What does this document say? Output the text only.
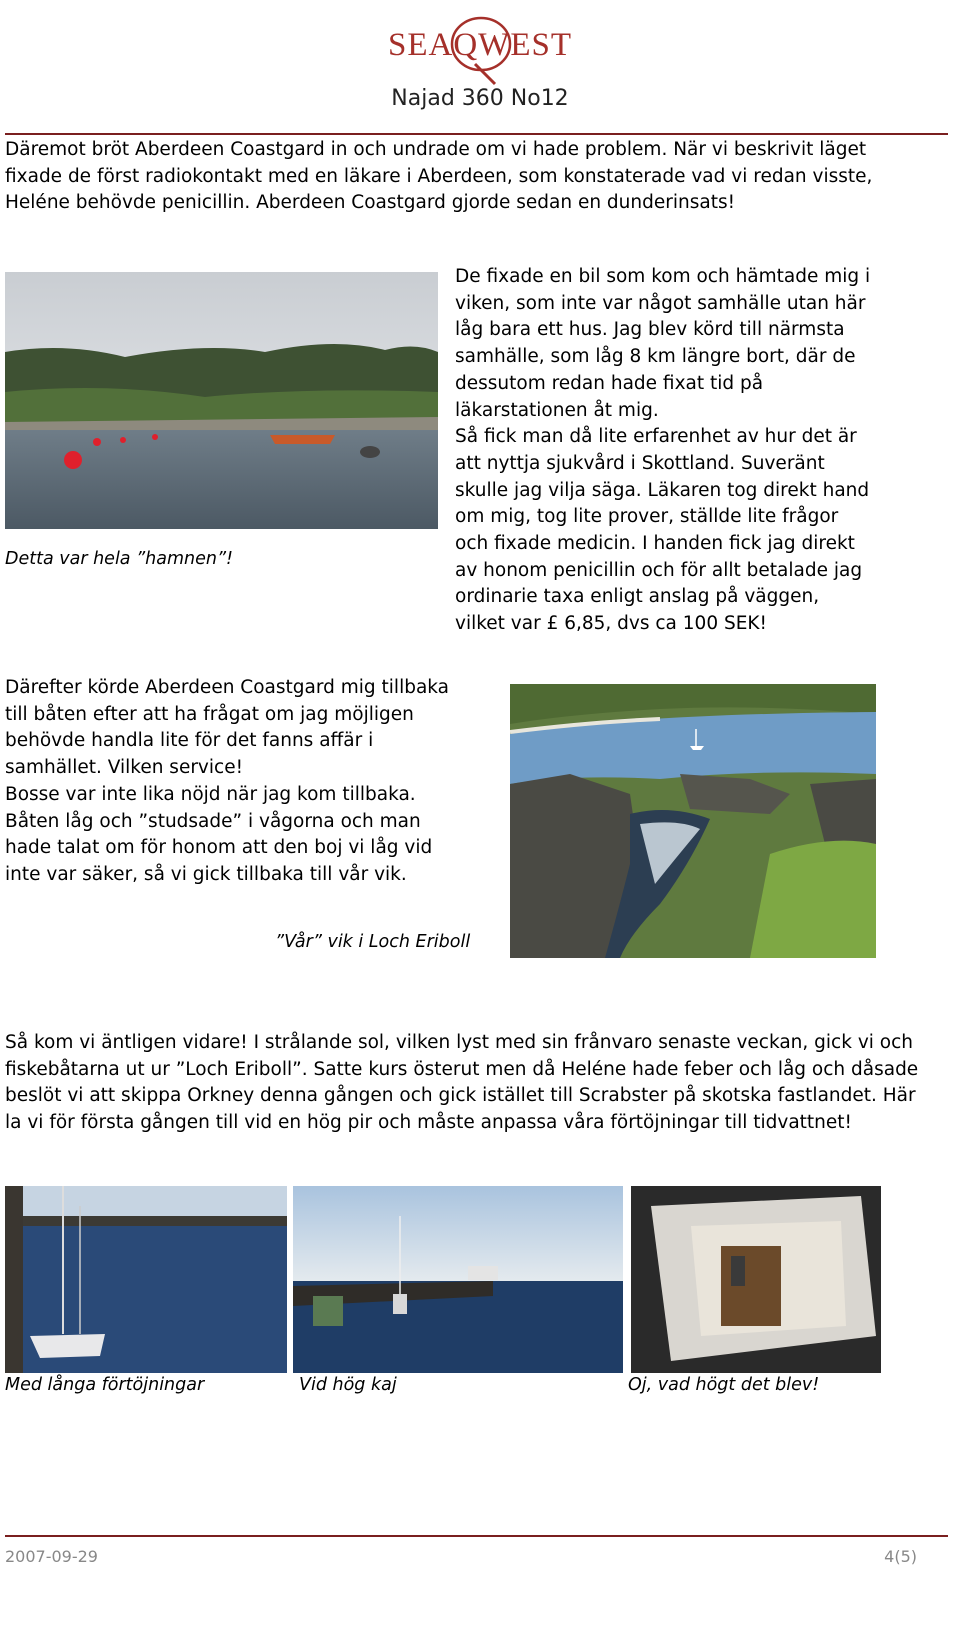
SEAQWEST
Najad 360 No12
Däremot bröt Aberdeen Coastgard in och undrade om vi hade problem. När vi beskrivit läget fixade de först radiokontakt med en läkare i Aberdeen, som konstaterade vad vi redan visste, Heléne behövde penicillin. Aberdeen Coastgard gjorde sedan en dunderinsats!
Detta var hela ”hamnen”!
De fixade en bil som kom och hämtade mig i
viken, som inte var något samhälle utan här
låg bara ett hus. Jag blev körd till närmsta
samhälle, som låg 8 km längre bort, där de
dessutom redan hade fixat tid på
läkarstationen åt mig.
Så fick man då lite erfarenhet av hur det är
att nyttja sjukvård i Skottland. Suveränt
skulle jag vilja säga. Läkaren tog direkt hand
om mig, tog lite prover, ställde lite frågor
och fixade medicin. I handen fick jag direkt
av honom penicillin och för allt betalade jag
ordinarie taxa enligt anslag på väggen,
vilket var £ 6,85, dvs ca 100 SEK!
Därefter körde Aberdeen Coastgard mig tillbaka
till båten efter att ha frågat om jag möjligen
behövde handla lite för det fanns affär i
samhället. Vilken service!
Bosse var inte lika nöjd när jag kom tillbaka.
Båten låg och ”studsade” i vågorna och man
hade talat om för honom att den boj vi låg vid
inte var säker, så vi gick tillbaka till vår vik.
”Vår” vik i Loch Eriboll
Så kom vi äntligen vidare! I strålande sol, vilken lyst med sin frånvaro senaste veckan, gick vi och fiskebåtarna ut ur ”Loch Eriboll”. Satte kurs österut men då Heléne hade feber och låg och dåsade beslöt vi att skippa Orkney denna gången och gick istället till Scrabster på skotska fastlandet. Här la vi för första gången till vid en hög pir och måste anpassa våra förtöjningar till tidvattnet!
Med långa förtöjningar	Vid hög kaj	Oj, vad högt det blev!
2007-09-29	4(5)
